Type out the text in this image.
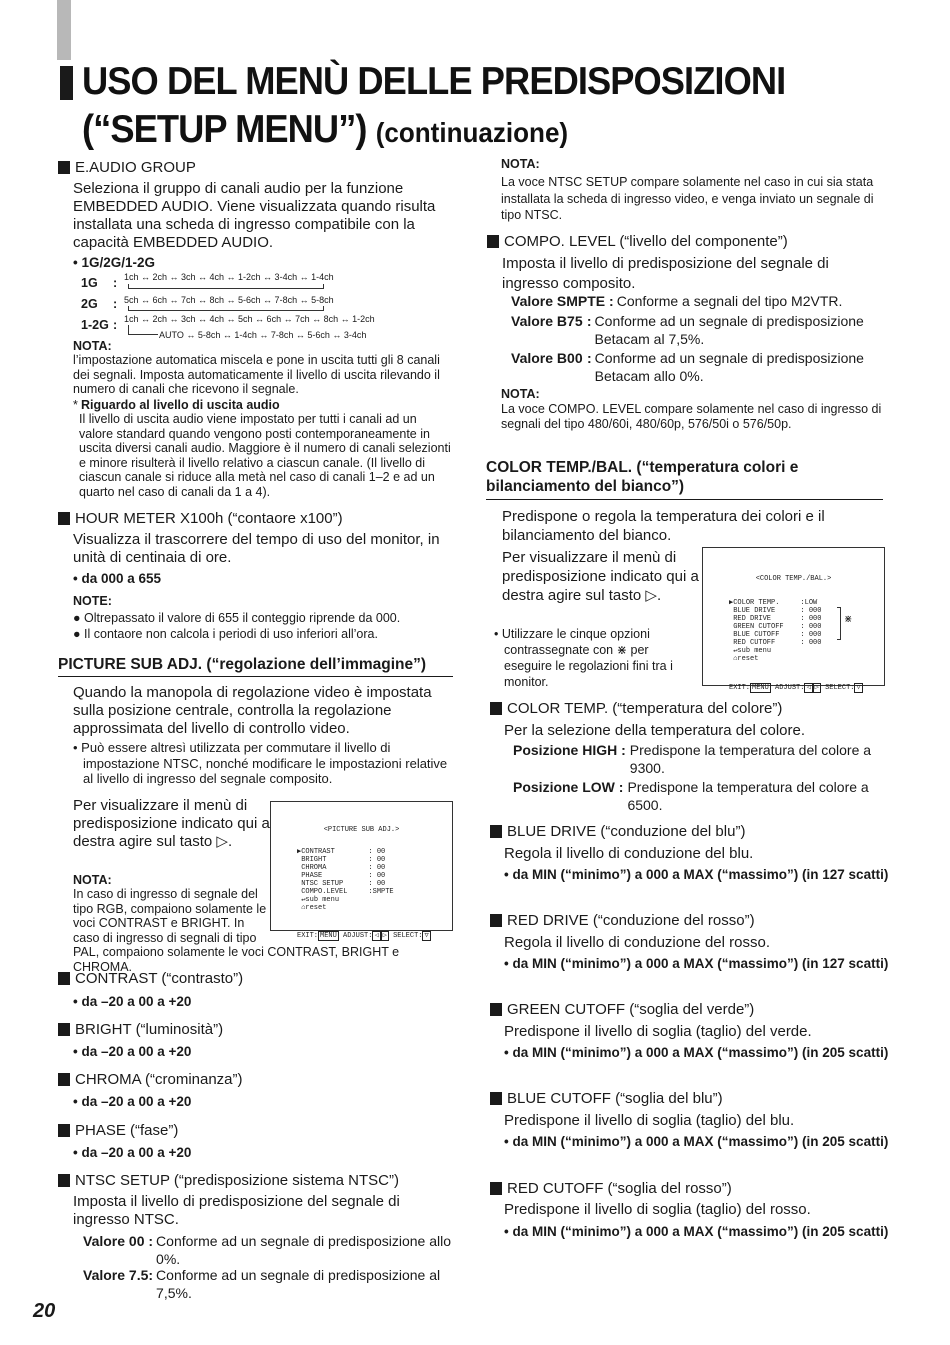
USO DEL MENÙ DELLE PREDISPOSIZIONI
(“SETUP MENU”) (continuazione)
E.AUDIO GROUP
Seleziona il gruppo di canali audio per la funzione EMBEDDED AUDIO. Viene visualizzata quando risulta installata una scheda di ingresso compatibile con la capacità EMBEDDED AUDIO.
• 1G/2G/1-2G
1G : 1ch ↔ 2ch ↔ 3ch ↔ 4ch ↔ 1-2ch ↔ 3-4ch ↔ 1-4ch
2G : 5ch ↔ 6ch ↔ 7ch ↔ 8ch ↔ 5-6ch ↔ 7-8ch ↔ 5-8ch
1-2G : 1ch ↔ 2ch ↔ 3ch ↔ 4ch ↔ 5ch ↔ 6ch ↔ 7ch ↔ 8ch ↔ 1-2ch
AUTO ↔ 5-8ch ↔ 1-4ch ↔ 7-8ch ↔ 5-6ch ↔ 3-4ch
NOTA:
l’impostazione automatica miscela e pone in uscita tutti gli 8 canali dei segnali. Imposta automaticamente il livello di uscita rilevando il numero di canali che ricevono il segnale.
* Riguardo al livello di uscita audio
Il livello di uscita audio viene impostato per tutti i canali ad un valore standard quando vengono posti contemporaneamente in uscita diversi canali audio. Maggiore è il numero di canali selezionti e minore risulterà il livello relativo a ciascun canale. (Il livello di ciascun canale si riduce alla metà nel caso di canali 1–2 e ad un quarto nel caso di canali da 1 a 4).
HOUR METER X100h (“contaore x100”)
Visualizza il trascorrere del tempo di uso del monitor, in unità di centinaia di ore.
• da 000 a 655
NOTE:
● Oltrepassato il valore di 655 il conteggio riprende da 000.
● Il contaore non calcola i periodi di uso inferiori all’ora.
PICTURE SUB ADJ. (“regolazione dell’immagine”)
Quando la manopola di regolazione video è impostata sulla posizione centrale, controlla la regolazione approssimata del livello di controllo video.
• Può essere altresì utilizzata per commutare il livello di impostazione NTSC, nonché modificare le impostazioni relative al livello di ingresso del segnale composito.
Per visualizzare il menù di predisposizione indicato qui a destra agire sul tasto ▷.
NOTA:
In caso di ingresso di segnale del tipo RGB, compaiono solamente le voci CONTRAST e BRIGHT. In caso di ingresso di segnali di tipo
PAL, compaiono solamente le voci CONTRAST, BRIGHT e CHROMA.

<PICTURE SUB ADJ.>

▶CONTRAST        : 00
BRIGHT          : 00
CHROMA          : 00
PHASE           : 00
NTSC SETUP      : 00
COMPO.LEVEL     :SMPTE
↵sub menu
⌂reset

EXIT: MENU ADJUST: ◁ ▷ SELECT: ▽

CONTRAST (“contrasto”)
• da –20 a 00 a +20
BRIGHT (“luminosità”)
• da –20 a 00 a +20
CHROMA (“crominanza”)
• da –20 a 00 a +20
PHASE (“fase”)
• da –20 a 00 a +20
NTSC SETUP (“predisposizione sistema NTSC”)
Imposta il livello di predisposizione del segnale di ingresso NTSC.
Valore 00 : Conforme ad un segnale di predisposizione allo 0%.
Valore 7.5: Conforme ad un segnale di predisposizione al 7,5%.
20
NOTA:
La voce NTSC SETUP compare solamente nel caso in cui sia stata installata la scheda di ingresso video, e venga inviato un segnale di tipo NTSC.
COMPO. LEVEL (“livello del componente”)
Imposta il livello di predisposizione del segnale di ingresso composito.
Valore SMPTE : Conforme a segnali del tipo M2VTR.
Valore B75 : Conforme ad un segnale di predisposizione Betacam al 7,5%.
Valore B00 : Conforme ad un segnale di predisposizione Betacam allo 0%.
NOTA:
La voce COMPO. LEVEL compare solamente nel caso di ingresso di segnali del tipo 480/60i, 480/60p, 576/50i o 576/50p.
COLOR TEMP./BAL. (“temperatura colori e bilanciamento del bianco”)
Predispone o regola la temperatura dei colori e il bilanciamento del bianco.
Per visualizzare il menù di predisposizione indicato qui a destra agire sul tasto ▷.
• Utilizzare le cinque opzioni contrassegnate con ⋇ per eseguire le regolazioni fini tra i monitor.

<COLOR TEMP./BAL.>

▶COLOR TEMP.     :LOW
BLUE DRIVE      : 000
RED DRIVE       : 000
GREEN CUTOFF    : 000
BLUE CUTOFF     : 000
RED CUTOFF      : 000
↵sub menu
⌂reset
⋇

EXIT: MENU ADJUST: ◁ ▷ SELECT: ▽

COLOR TEMP. (“temperatura del colore”)
Per la selezione della temperatura del colore.
Posizione HIGH : Predispone la temperatura del colore a 9300.
Posizione LOW : Predispone la temperatura del colore a 6500.
BLUE DRIVE (“conduzione del blu”)
Regola il livello di conduzione del blu.
• da MIN (“minimo”) a 000 a MAX (“massimo”) (in 127 scatti)
RED DRIVE (“conduzione del rosso”)
Regola il livello di conduzione del rosso.
• da MIN (“minimo”) a 000 a MAX (“massimo”) (in 127 scatti)
GREEN CUTOFF (“soglia del verde”)
Predispone il livello di soglia (taglio) del verde.
• da MIN (“minimo”) a 000 a MAX (“massimo”) (in 205 scatti)
BLUE CUTOFF (“soglia del blu”)
Predispone il livello di soglia (taglio) del blu.
• da MIN (“minimo”) a 000 a MAX (“massimo”) (in 205 scatti)
RED CUTOFF (“soglia del rosso”)
Predispone il livello di soglia (taglio) del rosso.
• da MIN (“minimo”) a 000 a MAX (“massimo”) (in 205 scatti)
